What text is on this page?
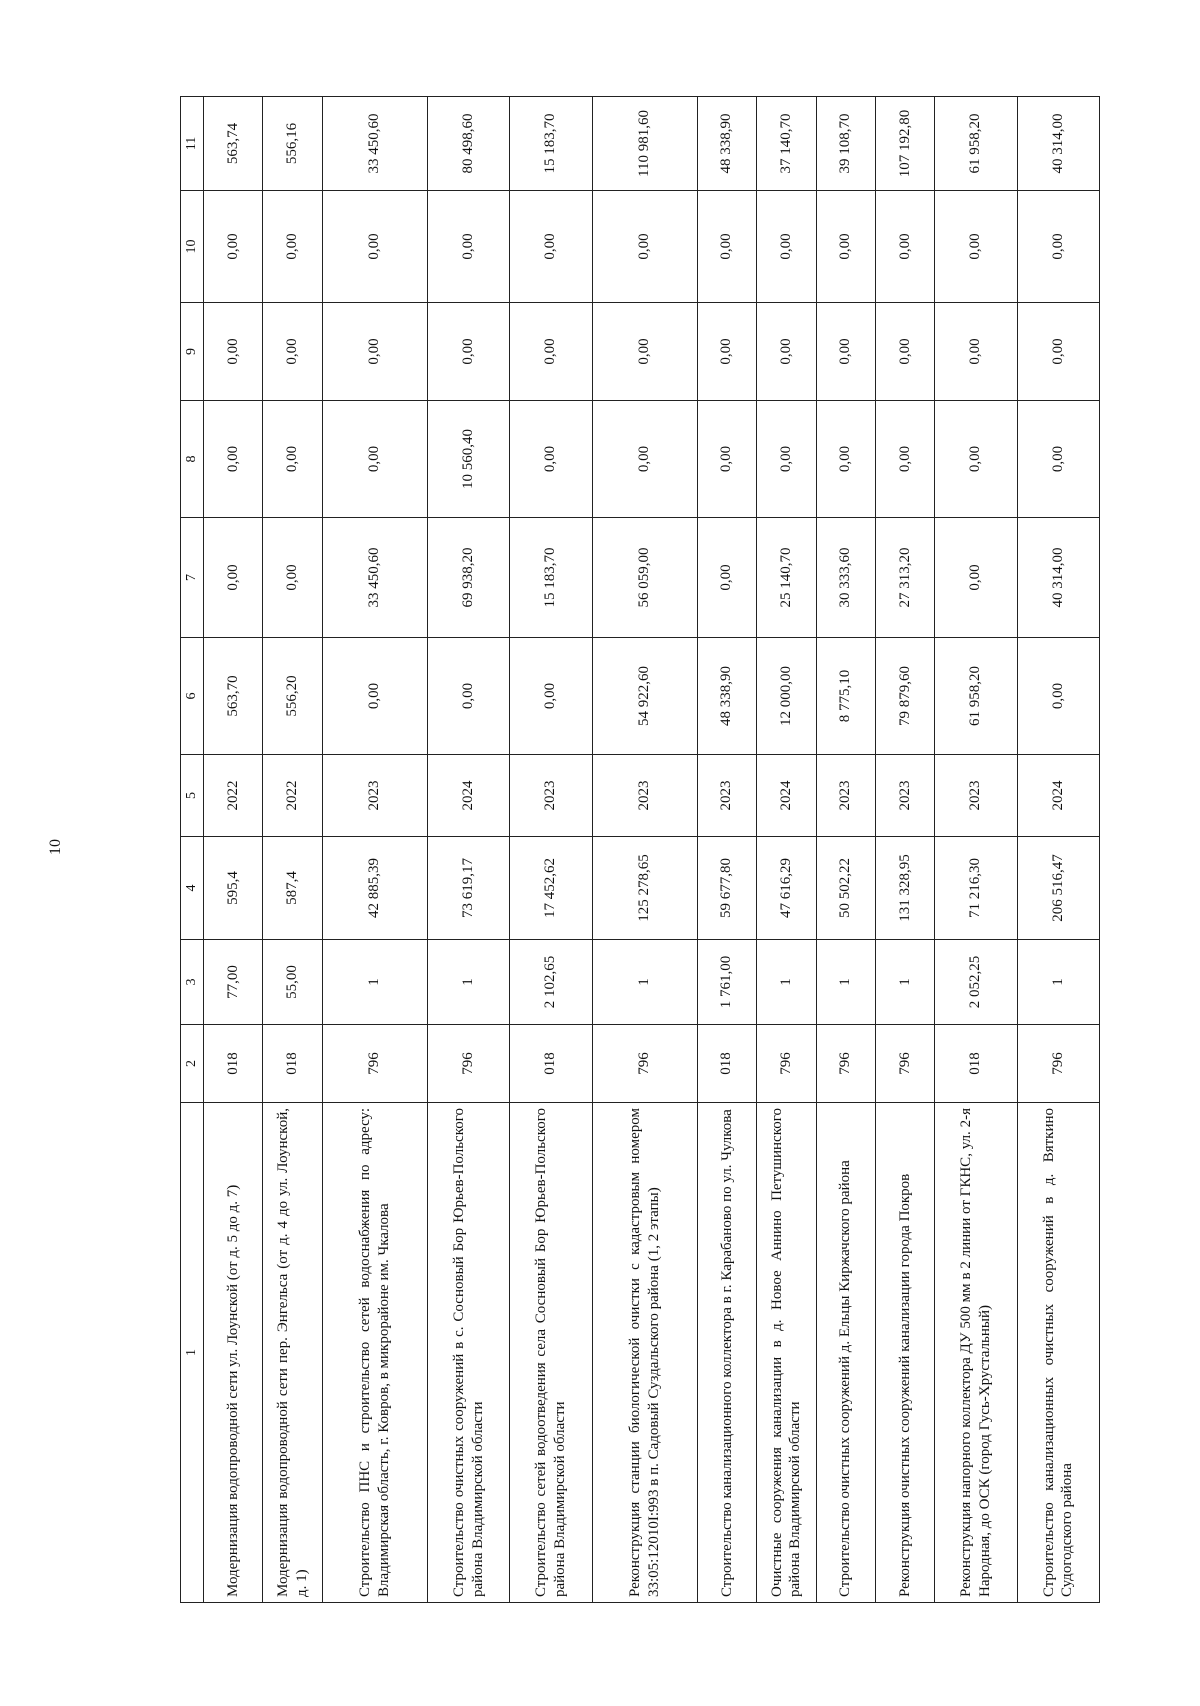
10
1	2	3	4	5	6	7	8	9	10	11
Модернизация водопроводной сети ул. Лоунской (от д. 5 до д. 7)	018	77,00	595,4	2022	563,70	0,00	0,00	0,00	0,00	563,74
Модернизация водопроводной сети пер. Энгельса (от д. 4 до ул. Лоунской, д. 1)	018	55,00	587,4	2022	556,20	0,00	0,00	0,00	0,00	556,16
Строительство ПНС и строительство сетей водоснабжения по адресу: Владимирская область, г. Ковров, в микрорайоне им. Чкалова	796	1	42 885,39	2023	0,00	33 450,60	0,00	0,00	0,00	33 450,60
Строительство очистных сооружений в с. Сосновый Бор Юрьев-Польского района Владимирской области	796	1	73 619,17	2024	0,00	69 938,20	10 560,40	0,00	0,00	80 498,60
Строительство сетей водоотведения села Сосновый Бор Юрьев-Польского района Владимирской области	018	2 102,65	17 452,62	2023	0,00	15 183,70	0,00	0,00	0,00	15 183,70
Реконструкция станции биологической очистки с кадастровым номером 33:05:12010I:993 в п. Садовый Суздальского района (1, 2 этапы)	796	1	125 278,65	2023	54 922,60	56 059,00	0,00	0,00	0,00	110 981,60
Строительство канализационного коллектора в г. Карабаново по ул. Чулкова	018	1 761,00	59 677,80	2023	48 338,90	0,00	0,00	0,00	0,00	48 338,90
Очистные сооружения канализации в д. Новое Аннино Петушинского района Владимирской области	796	1	47 616,29	2024	12 000,00	25 140,70	0,00	0,00	0,00	37 140,70
Строительство очистных сооружений д. Ельцы Киржачского района	796	1	50 502,22	2023	8 775,10	30 333,60	0,00	0,00	0,00	39 108,70
Реконструкция очистных сооружений канализации города Покров	796	1	131 328,95	2023	79 879,60	27 313,20	0,00	0,00	0,00	107 192,80
Реконструкция напорного коллектора ДУ 500 мм в 2 линии от ГКНС, ул. 2-я Народная, до ОСК (город Гусь-Хрустальный)	018	2 052,25	71 216,30	2023	61 958,20	0,00	0,00	0,00	0,00	61 958,20
Строительство канализационных очистных сооружений в д. Вяткино Судогодского района	796	1	206 516,47	2024	0,00	40 314,00	0,00	0,00	0,00	40 314,00
